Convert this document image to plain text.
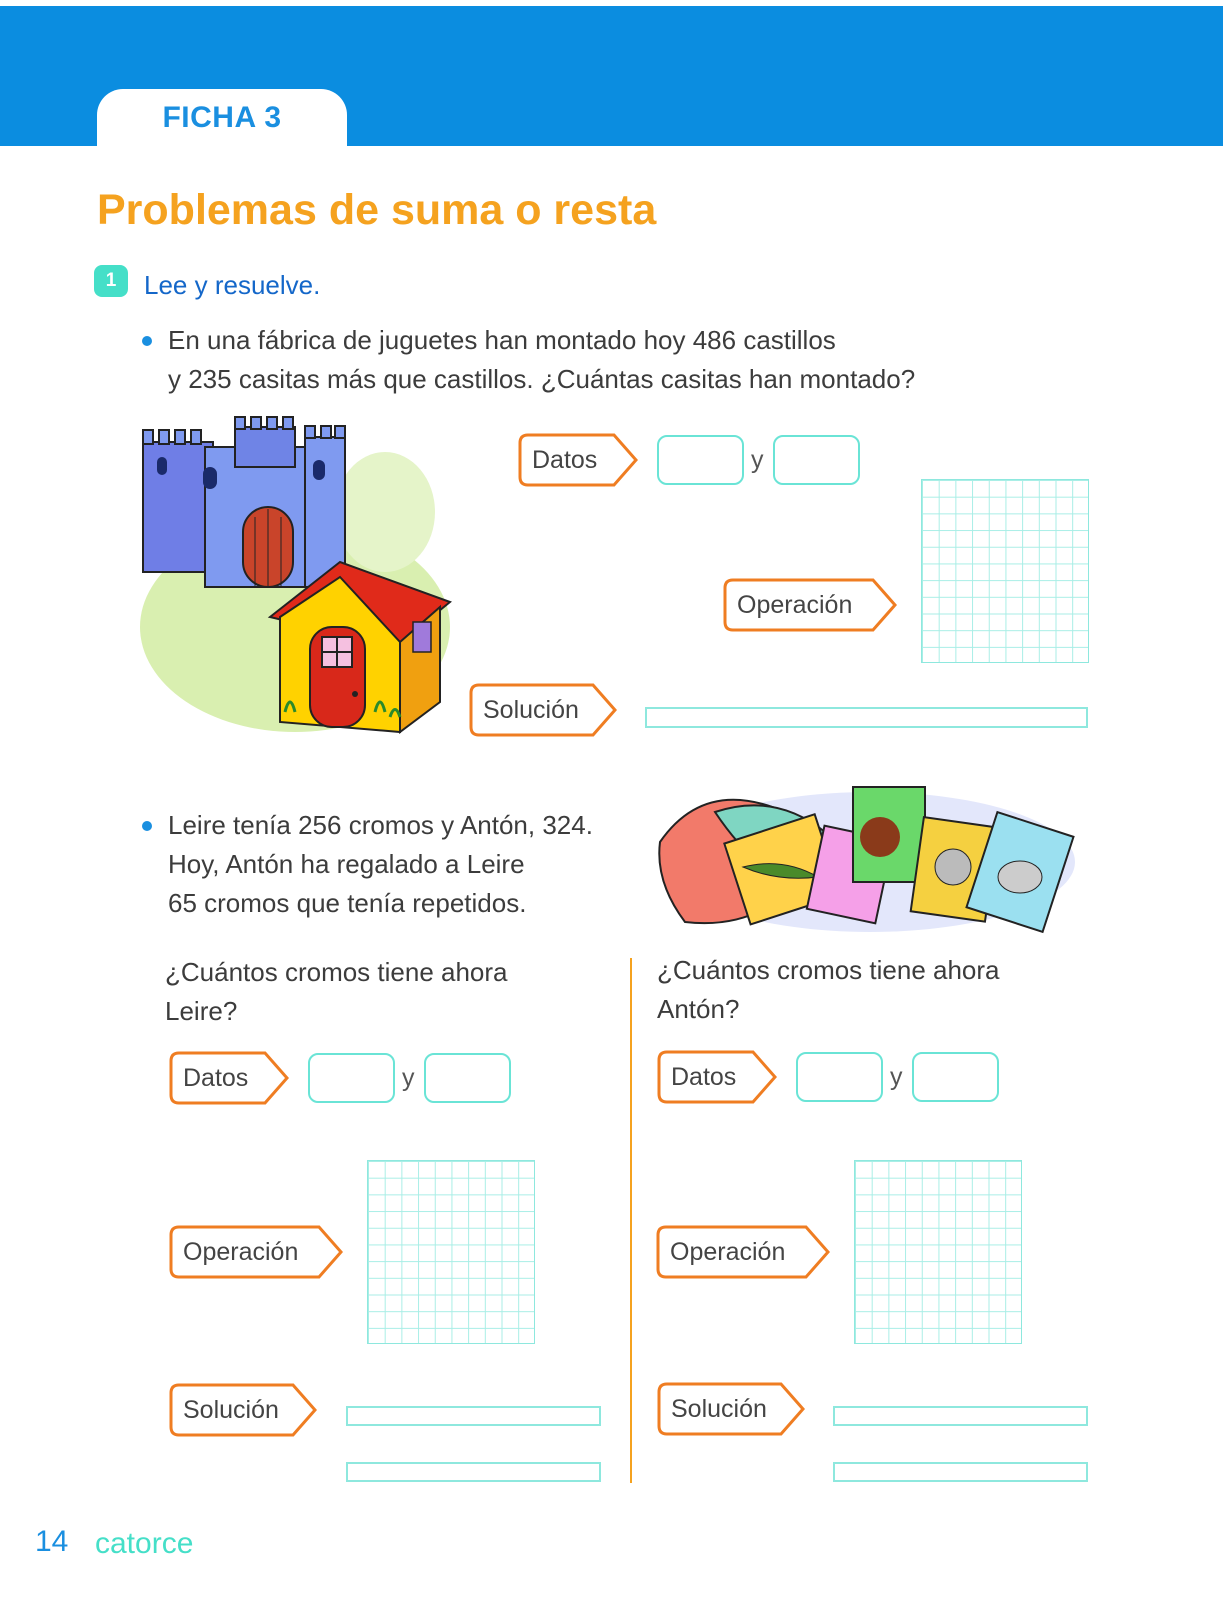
FICHA 3
Problemas de suma o resta
1	Lee y resuelve.
En una fábrica de juguetes han montado hoy 486 castillos
y 235 casitas más que castillos. ¿Cuántas casitas han montado?
Datos	y
Operación
Solución
Leire tenía 256 cromos y Antón, 324.
Hoy, Antón ha regalado a Leire
65 cromos que tenía repetidos.
¿Cuántos cromos tiene ahora
Leire?
Datos	y
Operación
Solución
¿Cuántos cromos tiene ahora
Antón?
Datos	y
Operación
Solución
14 catorce
